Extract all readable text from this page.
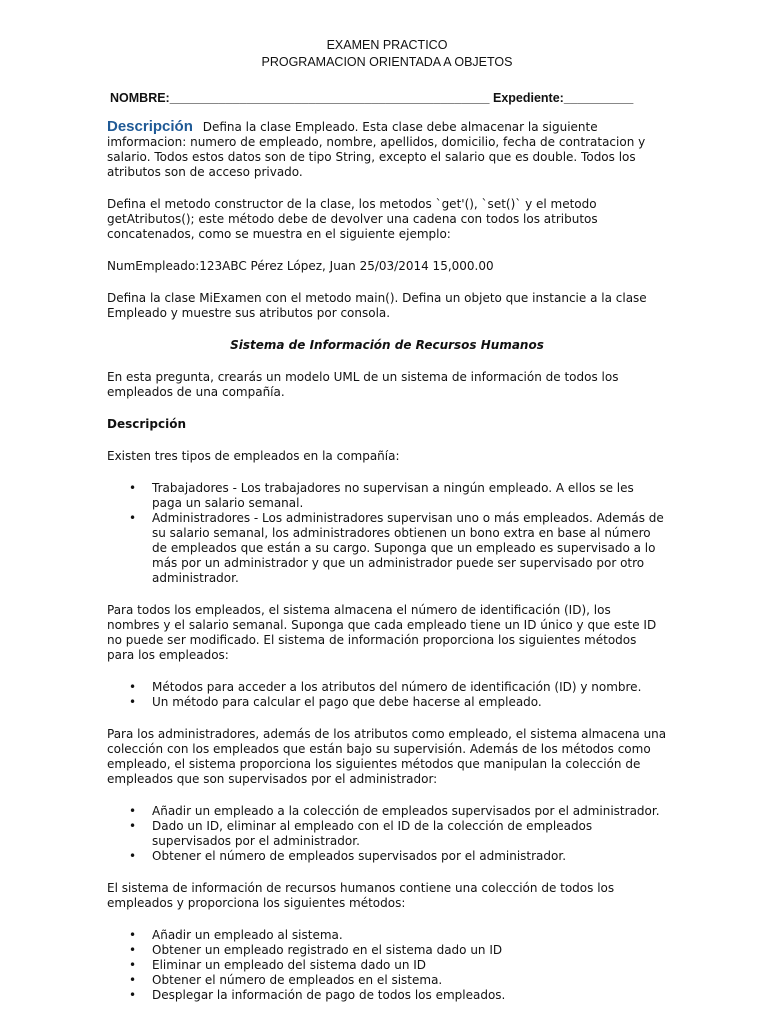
EXAMEN PRACTICO

PROGRAMACION ORIENTADA A OBJETOS

NOMBRE:______________________________________________ Expediente:__________

Descripción Defina la clase Empleado. Esta clase debe almacenar la siguiente imformacion: numero de empleado, nombre, apellidos, domicilio, fecha de contratacion y salario. Todos estos datos son de tipo String, excepto el salario que es double. Todos los atributos son de acceso privado.

Defina el metodo constructor de la clase, los metodos `get'(), `set()` y el metodo getAtributos(); este método debe de devolver una cadena con todos los atributos concatenados, como se muestra en el siguiente ejemplo:

NumEmpleado:123ABC Pérez López, Juan 25/03/2014 15,000.00

Defina la clase MiExamen con el metodo main(). Defina un objeto que instancie a la clase Empleado y muestre sus atributos por consola.

Sistema de Información de Recursos Humanos

En esta pregunta, crearás un modelo UML de un sistema de información de todos los empleados de una compañía.

Descripción

Existen tres tipos de empleados en la compañía:

• Trabajadores - Los trabajadores no supervisan a ningún empleado. A ellos se les paga un salario semanal.
• Administradores - Los administradores supervisan uno o más empleados. Además de su salario semanal, los administradores obtienen un bono extra en base al número de empleados que están a su cargo. Suponga que un empleado es supervisado a lo más por un administrador y que un administrador puede ser supervisado por otro administrador.

Para todos los empleados, el sistema almacena el número de identificación (ID), los nombres y el salario semanal. Suponga que cada empleado tiene un ID único y que este ID no puede ser modificado. El sistema de información proporciona los siguientes métodos para los empleados:

• Métodos para acceder a los atributos del número de identificación (ID) y nombre.
• Un método para calcular el pago que debe hacerse al empleado.

Para los administradores, además de los atributos como empleado, el sistema almacena una colección con los empleados que están bajo su supervisión. Además de los métodos como empleado, el sistema proporciona los siguientes métodos que manipulan la colección de empleados que son supervisados por el administrador:

• Añadir un empleado a la colección de empleados supervisados por el administrador.
• Dado un ID, eliminar al empleado con el ID de la colección de empleados supervisados por el administrador.
• Obtener el número de empleados supervisados por el administrador.

El sistema de información de recursos humanos contiene una colección de todos los empleados y proporciona los siguientes métodos:

• Añadir un empleado al sistema.
• Obtener un empleado registrado en el sistema dado un ID
• Eliminar un empleado del sistema dado un ID
• Obtener el número de empleados en el sistema.
• Desplegar la información de pago de todos los empleados.
